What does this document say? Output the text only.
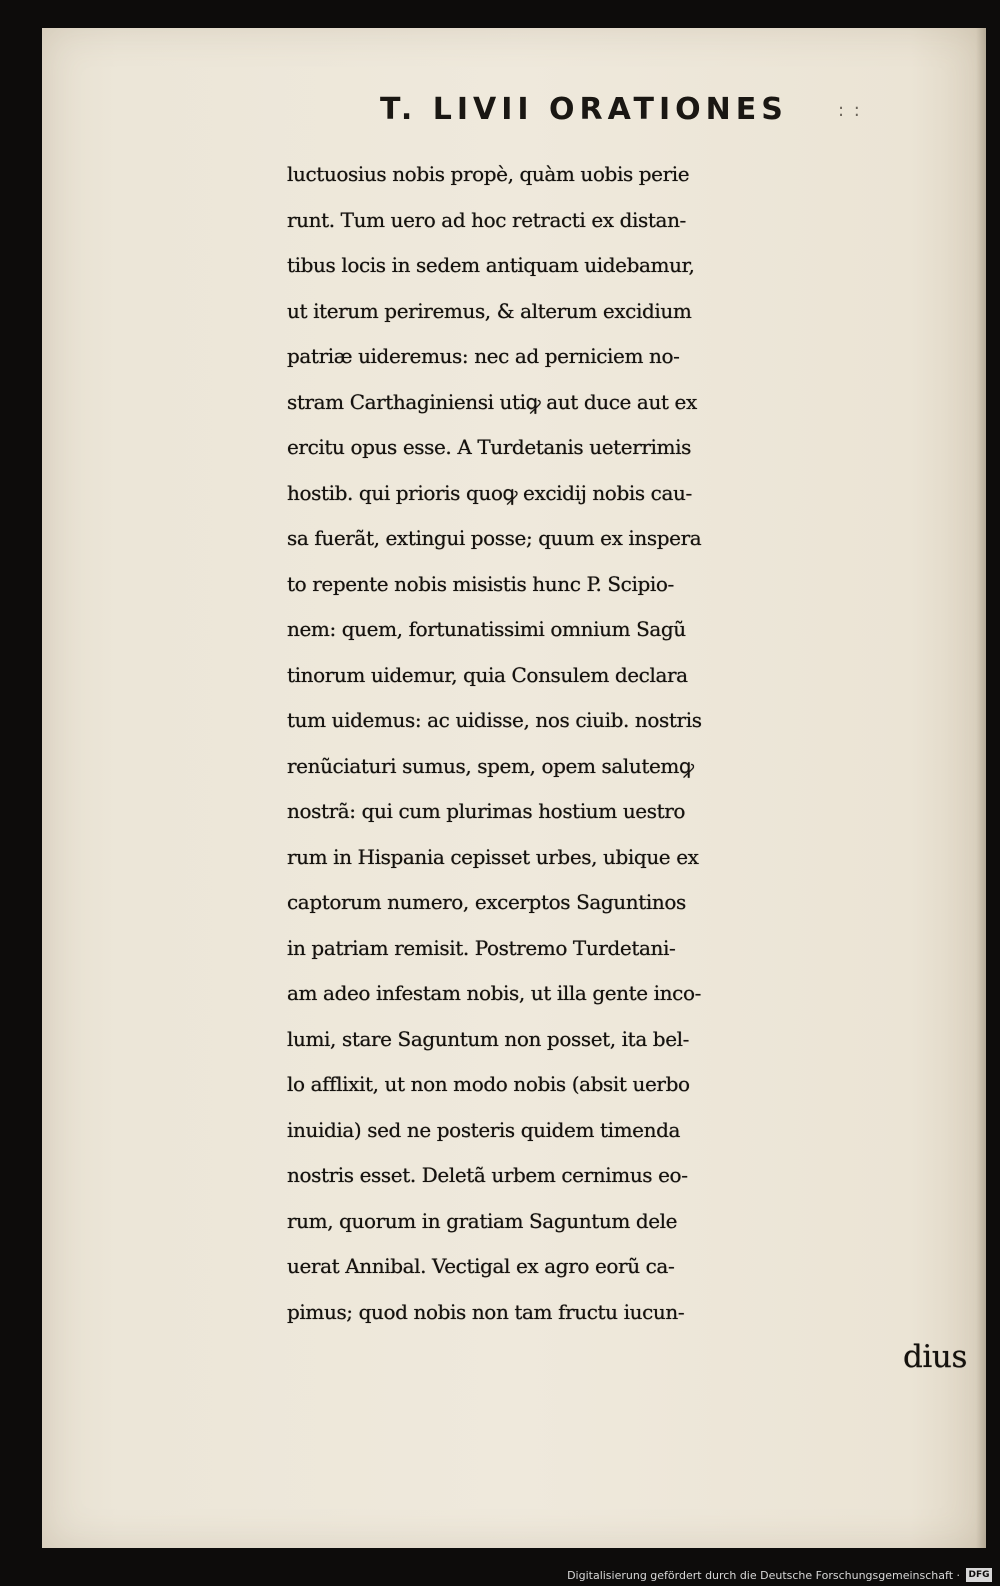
T. LIVII ORATIONES	: :
luctuosius nobis propè, quàm uobis perie
runt. Tum uero ad hoc retracti ex distan-
tibus locis in sedem antiquam uidebamur,
ut iterum periremus, & alterum excidium
patriæ uideremus: nec ad perniciem no-
stram Carthaginiensi utiꝙ aut duce aut ex
ercitu opus esse. A Turdetanis ueterrimis
hostib. qui prioris quoꝙ excidij nobis cau-
sa fuerãt, extingui posse; quum ex inspera
to repente nobis misistis hunc P. Scipio-
nem: quem, fortunatissimi omnium Sagũ
tinorum uidemur, quia Consulem declara
tum uidemus: ac uidisse, nos ciuib. nostris
renũciaturi sumus, spem, opem salutemꝙ
nostrã: qui cum plurimas hostium uestro
rum in Hispania cepisset urbes, ubique ex
captorum numero, excerptos Saguntinos
in patriam remisit. Postremo Turdetani-
am adeo infestam nobis, ut illa gente inco-
lumi, stare Saguntum non posset, ita bel-
lo afflixit, ut non modo nobis (absit uerbo
inuidia) sed ne posteris quidem timenda
nostris esset. Deletã urbem cernimus eo-
rum, quorum in gratiam Saguntum dele
uerat Annibal. Vectigal ex agro eorũ ca-
pimus; quod nobis non tam fructu iucun-
dius
Digitalisierung gefördert durch die Deutsche Forschungsgemeinschaft · DFG
